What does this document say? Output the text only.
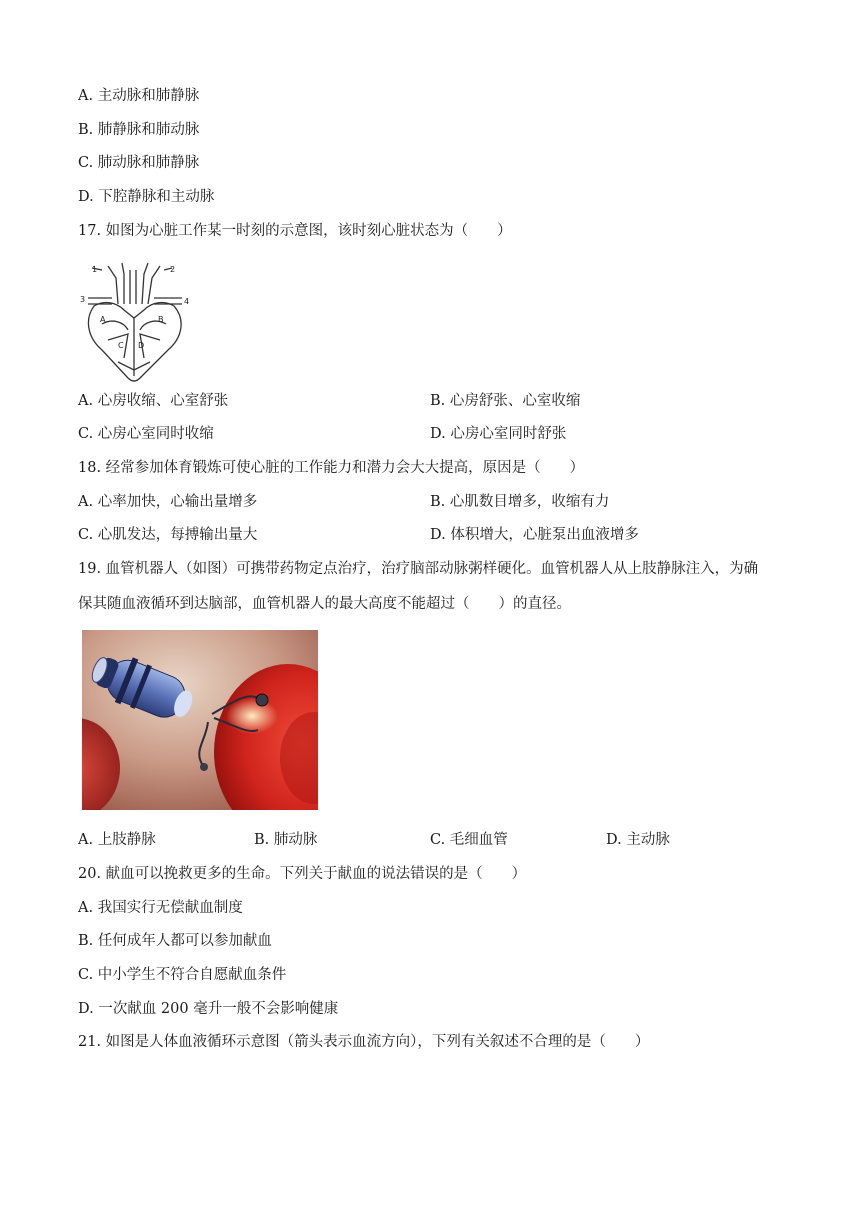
A. 主动脉和肺静脉
B. 肺静脉和肺动脉
C. 肺动脉和肺静脉
D. 下腔静脉和主动脉
17. 如图为心脏工作某一时刻的示意图，该时刻心脏状态为（　　）
1	2
3	4
A	B
C D
A. 心房收缩、心室舒张	B. 心房舒张、心室收缩
C. 心房心室同时收缩	D. 心房心室同时舒张
18. 经常参加体育锻炼可使心脏的工作能力和潜力会大大提高，原因是（　　）
A. 心率加快，心输出量增多	B. 心肌数目增多，收缩有力
C. 心肌发达，每搏输出量大	D. 体积增大，心脏泵出血液增多
19. 血管机器人（如图）可携带药物定点治疗，治疗脑部动脉粥样硬化。血管机器人从上肢静脉注入，为确
保其随血液循环到达脑部，血管机器人的最大高度不能超过（　　）的直径。
A. 上肢静脉	B. 肺动脉	C. 毛细血管	D. 主动脉
20. 献血可以挽救更多的生命。下列关于献血的说法错误的是（　　）
A. 我国实行无偿献血制度
B. 任何成年人都可以参加献血
C. 中小学生不符合自愿献血条件
D. 一次献血 200 毫升一般不会影响健康
21. 如图是人体血液循环示意图（箭头表示血流方向），下列有关叙述不合理的是（　　）
